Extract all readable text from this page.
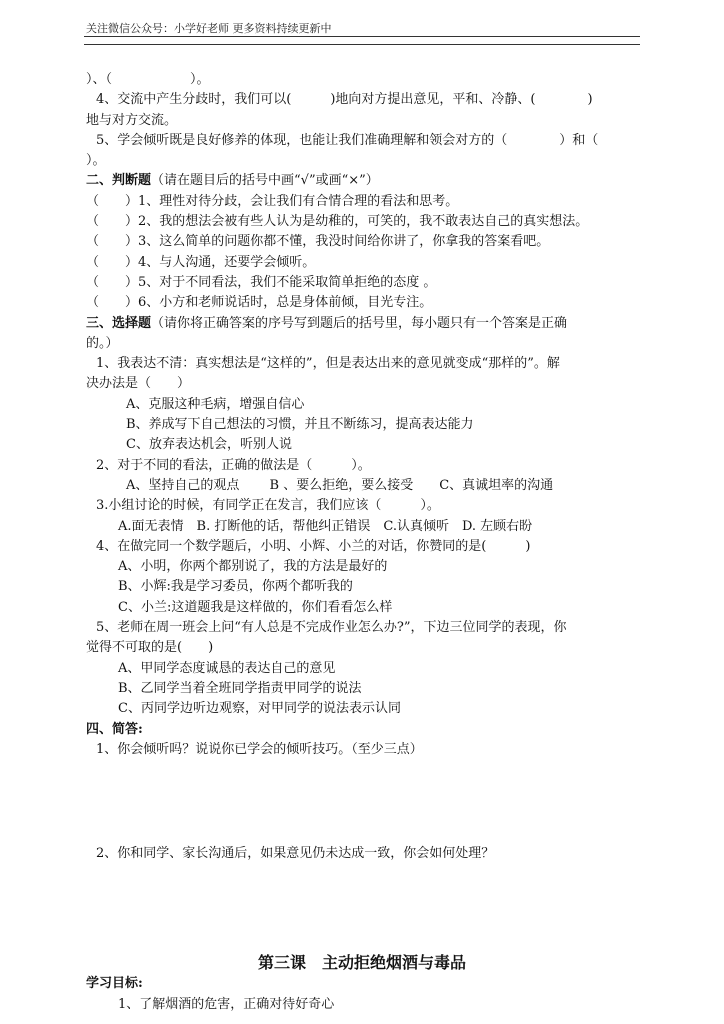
关注微信公众号：小学好老师 更多资料持续更新中

）、（　　　　　　）。

4、交流中产生分歧时，我们可以(　　　)地向对方提出意见，平和、冷静、(　　　　)

地与对方交流。

5、学会倾听既是良好修养的体现，也能让我们准确理解和领会对方的（　　　　）和（

）。

二、判断题（请在题目后的括号中画“√”或画“×”）

（　　）1、理性对待分歧，会让我们有合情合理的看法和思考。

（　　）2、我的想法会被有些人认为是幼稚的，可笑的，我不敢表达自己的真实想法。

（　　）3、这么简单的问题你都不懂，我没时间给你讲了，你拿我的答案看吧。

（　　）4、与人沟通，还要学会倾听。

（　　）5、对于不同看法，我们不能采取简单拒绝的态度 。

（　　）6、小方和老师说话时，总是身体前倾，目光专注。

三、选择题（请你将正确答案的序号写到题后的括号里，每小题只有一个答案是正确

的。）

1、我表达不清：真实想法是“这样的”，但是表达出来的意见就变成“那样的”。解

决办法是（　　）

A、克服这种毛病，增强自信心

B、养成写下自己想法的习惯，并且不断练习，提高表达能力

C、放弃表达机会，听别人说

2、对于不同的看法，正确的做法是（　　　）。

A、坚持自己的观点　　 B 、要么拒绝，要么接受　　C、真诚坦率的沟通

3.小组讨论的时候，有同学正在发言，我们应该（　　　）。

A.面无表情　B. 打断他的话，帮他纠正错误　C.认真倾听　D. 左顾右盼

4、在做完同一个数学题后，小明、小辉、小兰的对话，你赞同的是(　　　)

A、小明，你两个都别说了，我的方法是最好的

B、小辉:我是学习委员，你两个都听我的

C、小兰:这道题我是这样做的，你们看看怎么样

5、老师在周一班会上问“有人总是不完成作业怎么办?”，下边三位同学的表现，你

觉得不可取的是(　　)

A、甲同学态度诚恳的表达自己的意见

B、乙同学当着全班同学指责甲同学的说法

C、丙同学边听边观察，对甲同学的说法表示认同

四、简答:

1、你会倾听吗？说说你已学会的倾听技巧。（至少三点）

2、你和同学、家长沟通后，如果意见仍未达成一致，你会如何处理？

第三课　主动拒绝烟酒与毒品

学习目标:

1、了解烟酒的危害，正确对待好奇心
